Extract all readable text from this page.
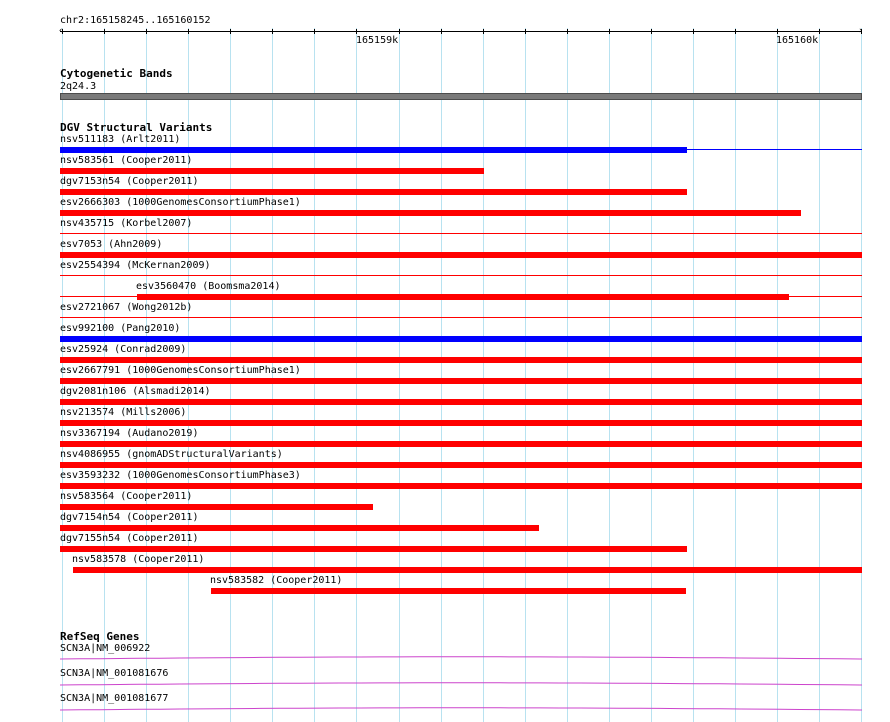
chr2:165158245..165160152
‹	›
165159k	165160k
Cytogenetic Bands
2q24.3
DGV Structural Variants
nsv511183 (Arlt2011)
nsv583561 (Cooper2011)
dgv7153n54 (Cooper2011)
esv2666303 (1000GenomesConsortiumPhase1)
nsv435715 (Korbel2007)
esv7053 (Ahn2009)
esv2554394 (McKernan2009)
esv3560470 (Boomsma2014)
esv2721067 (Wong2012b)
esv992100 (Pang2010)
esv25924 (Conrad2009)
esv2667791 (1000GenomesConsortiumPhase1)
dgv2081n106 (Alsmadi2014)
nsv213574 (Mills2006)
nsv3367194 (Audano2019)
nsv4086955 (gnomADStructuralVariants)
esv3593232 (1000GenomesConsortiumPhase3)
nsv583564 (Cooper2011)
dgv7154n54 (Cooper2011)
dgv7155n54 (Cooper2011)
nsv583578 (Cooper2011)
nsv583582 (Cooper2011)
RefSeq Genes
SCN3A|NM_006922
SCN3A|NM_001081676
SCN3A|NM_001081677
